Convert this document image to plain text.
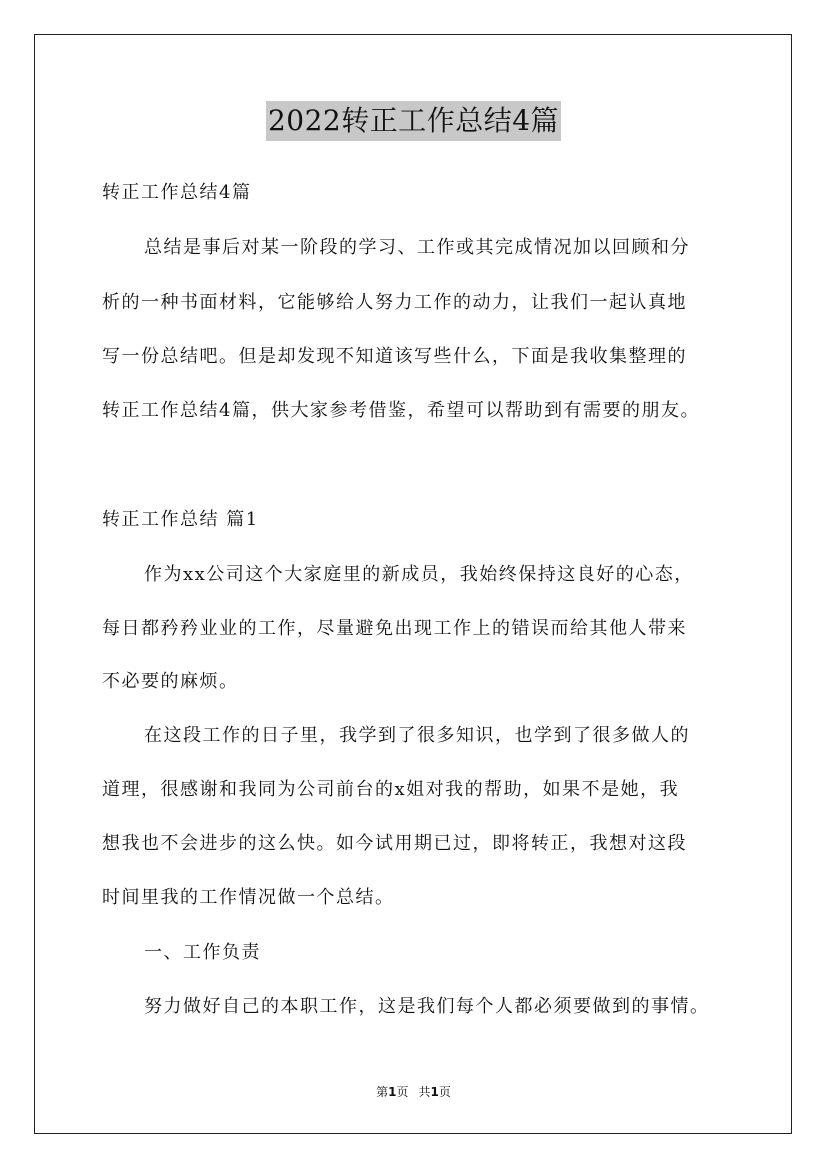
2022转正工作总结4篇
转正工作总结4篇
总结是事后对某一阶段的学习、工作或其完成情况加以回顾和分
析的一种书面材料，它能够给人努力工作的动力，让我们一起认真地
写一份总结吧。但是却发现不知道该写些什么，下面是我收集整理的
转正工作总结4篇，供大家参考借鉴，希望可以帮助到有需要的朋友。
转正工作总结 篇1
作为xx公司这个大家庭里的新成员，我始终保持这良好的心态，
每日都矜矜业业的工作，尽量避免出现工作上的错误而给其他人带来
不必要的麻烦。
在这段工作的日子里，我学到了很多知识，也学到了很多做人的
道理，很感谢和我同为公司前台的x姐对我的帮助，如果不是她，我
想我也不会进步的这么快。如今试用期已过，即将转正，我想对这段
时间里我的工作情况做一个总结。
一、工作负责
努力做好自己的本职工作，这是我们每个人都必须要做到的事情。
第1页 共1页
